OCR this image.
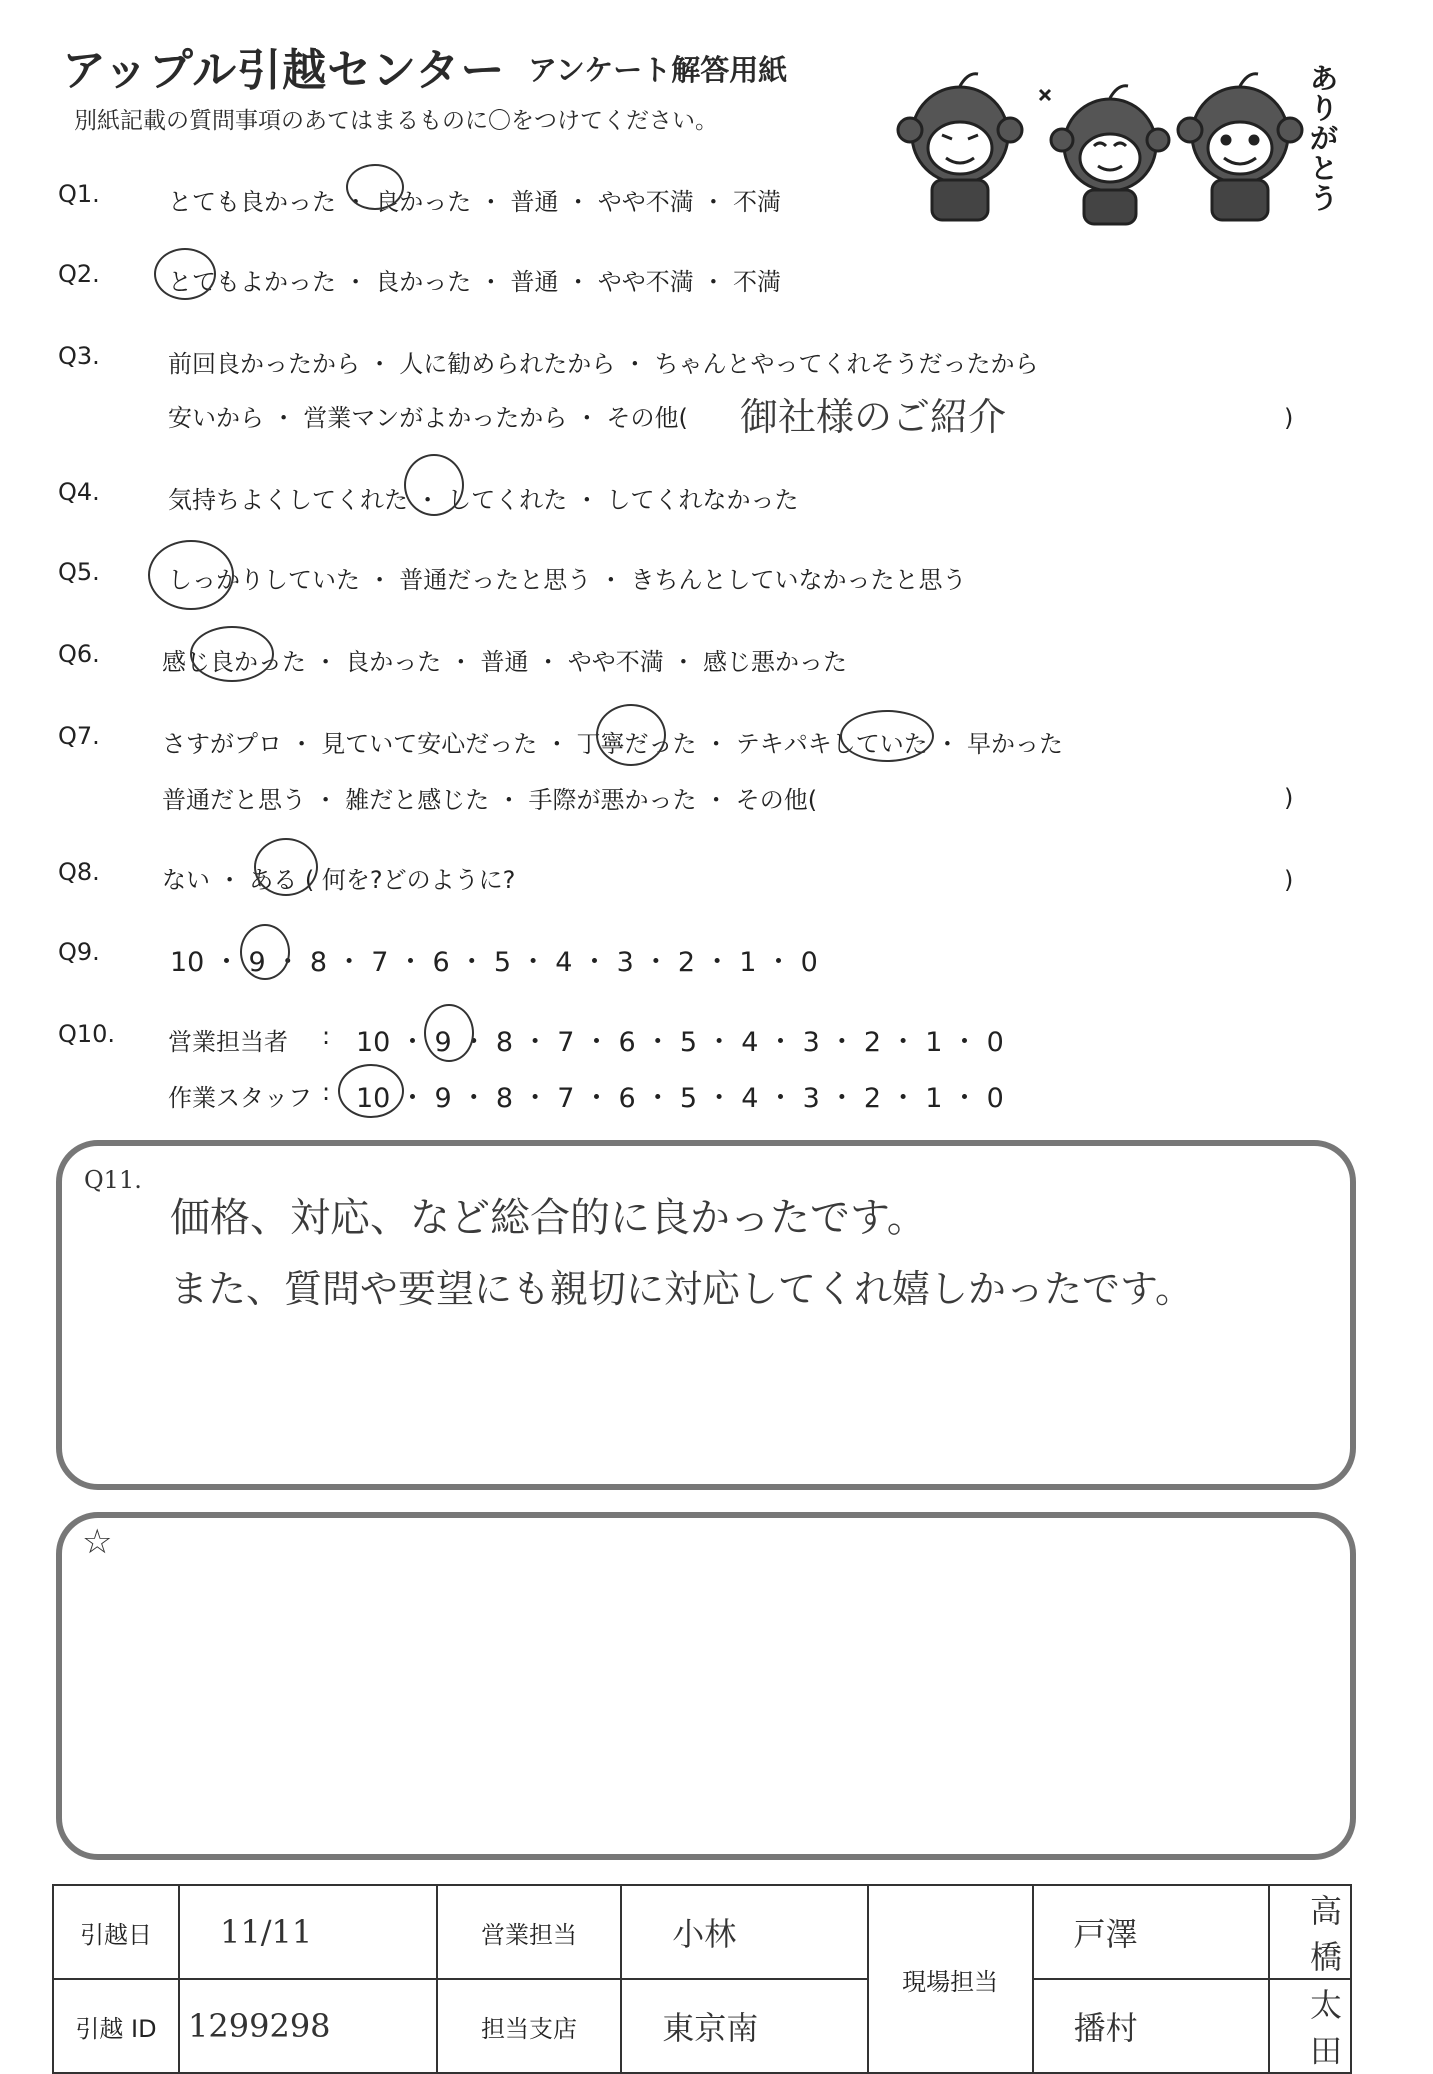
アップル引越センター アンケート解答用紙
別紙記載の質問事項のあてはまるものに〇をつけてください。
ありがとう
Q1.	とても良かった ・ 良かった ・ 普通 ・ やや不満 ・ 不満
Q2.	とてもよかった ・ 良かった ・ 普通 ・ やや不満 ・ 不満
Q3.	前回良かったから ・ 人に勧められたから ・ ちゃんとやってくれそうだったから
安いから ・ 営業マンがよかったから ・ その他( 御社様のご紹介	)
Q4.	気持ちよくしてくれた ・ してくれた ・ してくれなかった
Q5.	しっかりしていた ・ 普通だったと思う ・ きちんとしていなかったと思う
Q6.	感じ良かった ・ 良かった ・ 普通 ・ やや不満 ・ 感じ悪かった
Q7.	さすがプロ ・ 見ていて安心だった ・ 丁寧だった ・ テキパキしていた ・ 早かった
普通だと思う ・ 雑だと感じた ・ 手際が悪かった ・ その他(	)
Q8.	ない ・ ある ( 何を?どのように?	)
Q9.	10 ・ 9 ・ 8 ・ 7 ・ 6 ・ 5 ・ 4 ・ 3 ・ 2 ・ 1 ・ 0
Q10. 営業担当者 : 10 ・ 9 ・ 8 ・ 7 ・ 6 ・ 5 ・ 4 ・ 3 ・ 2 ・ 1 ・ 0
作業スタッフ : 10 ・ 9 ・ 8 ・ 7 ・ 6 ・ 5 ・ 4 ・ 3 ・ 2 ・ 1 ・ 0
Q11.
価格、対応、など総合的に良かったです。
また、質問や要望にも親切に対応してくれ嬉しかったです。
☆
引越日	11/11	営業担当	小林	現場担当	戸澤	高橋
引越 ID	1299298	担当支店	東京南		播村	太田
